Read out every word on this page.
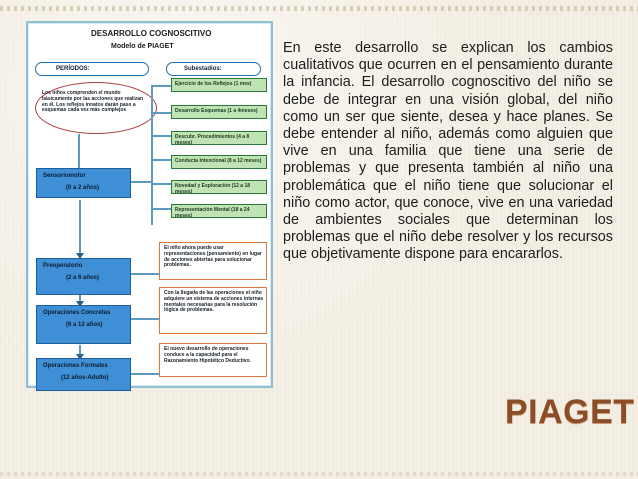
DESARROLLO COGNOSCITIVO
Modelo de PIAGET
PERÍODOS:	Subestadios:
Los niños comprenden el mundo básicamente por las acciones que realizan en él. Los reflejos innatos darán paso a esquemas cada vez más complejos
Sensoriomotor
(0 a 2 años)
Preoperatorio
(2 a 6 años)
Operaciones Concretas
(6 a 12 años)
Operaciones Formales
(12 años-Adulto)
Ejercicio de los Reflejos (1 mes)
Desarrollo Esquemas (1 a 4meses)
Descubr. Procedimientos (4 a 8 meses)
Conducta Intencional (8 a 12 meses)
Novedad y Exploración (12 a 18 meses)
Representación Mental (18 a 24 meses)
El niño ahora puede usar representaciones (pensamiento) en lugar de acciones abiertas para solucionar problemas.
Con la llegada de las operaciones el niño adquiere un sistema de acciones internas mentales necesarias para la resolución lógica de problemas.
El nuevo desarrollo de operaciones conduce a la capacidad para el Razonamiento Hipotético Deductivo.
En este desarrollo se explican los cambios cualitativos que ocurren en el pensamiento durante la infancia. El desarrollo cognoscitivo del niño se debe de integrar en una visión global, del niño como un ser que siente, desea y hace planes. Se debe entender al niño, además como alguien que vive en una familia que tiene una serie de problemas y que presenta también al niño una problemática que el niño tiene que solucionar el niño como actor, que conoce, vive en una variedad de ambientes sociales que determinan los problemas que el niño debe resolver y los recursos que objetivamente dispone para encararlos.
PIAGET
